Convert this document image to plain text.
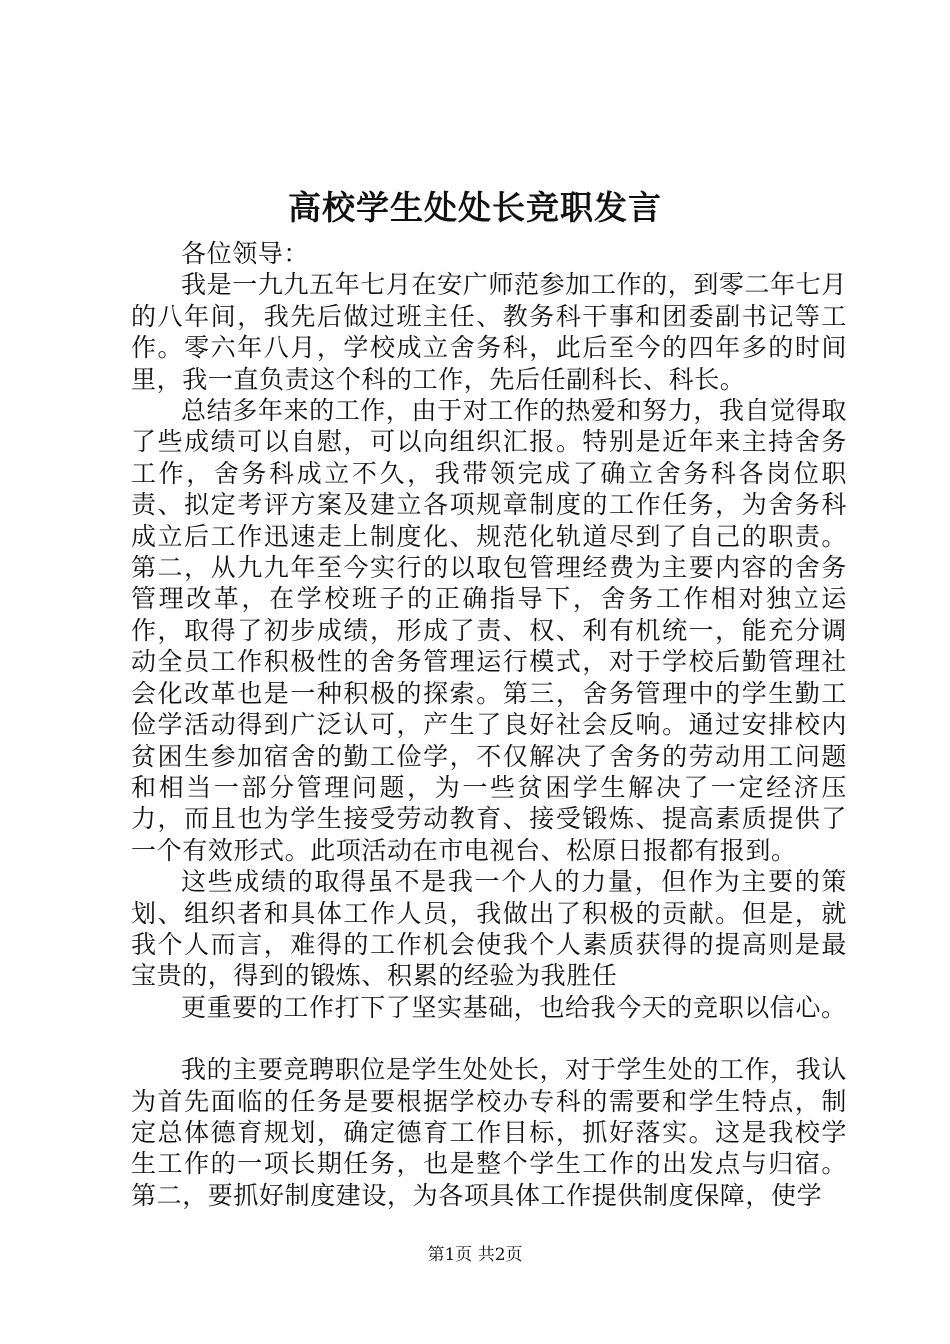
高校学生处处长竞职发言

各位领导：

我是一九九五年七月在安广师范参加工作的，到零二年七月的八年间，我先后做过班主任、教务科干事和团委副书记等工作。零六年八月，学校成立舍务科，此后至今的四年多的时间里，我一直负责这个科的工作，先后任副科长、科长。

总结多年来的工作，由于对工作的热爱和努力，我自觉得取了些成绩可以自慰，可以向组织汇报。特别是近年来主持舍务工作，舍务科成立不久，我带领完成了确立舍务科各岗位职责、拟定考评方案及建立各项规章制度的工作任务，为舍务科成立后工作迅速走上制度化、规范化轨道尽到了自己的职责。第二，从九九年至今实行的以取包管理经费为主要内容的舍务管理改革，在学校班子的正确指导下，舍务工作相对独立运作，取得了初步成绩，形成了责、权、利有机统一，能充分调动全员工作积极性的舍务管理运行模式，对于学校后勤管理社会化改革也是一种积极的探索。第三，舍务管理中的学生勤工俭学活动得到广泛认可，产生了良好社会反响。通过安排校内贫困生参加宿舍的勤工俭学，不仅解决了舍务的劳动用工问题和相当一部分管理问题，为一些贫困学生解决了一定经济压力，而且也为学生接受劳动教育、接受锻炼、提高素质提供了一个有效形式。此项活动在市电视台、松原日报都有报到。

这些成绩的取得虽不是我一个人的力量，但作为主要的策划、组织者和具体工作人员，我做出了积极的贡献。但是，就我个人而言，难得的工作机会使我个人素质获得的提高则是最宝贵的，得到的锻炼、积累的经验为我胜任

更重要的工作打下了坚实基础，也给我今天的竞职以信心。

我的主要竞聘职位是学生处处长，对于学生处的工作，我认为首先面临的任务是要根据学校办专科的需要和学生特点，制定总体德育规划，确定德育工作目标，抓好落实。这是我校学生工作的一项长期任务，也是整个学生工作的出发点与归宿。第二，要抓好制度建设，为各项具体工作提供制度保障，使学

第1页 共2页
